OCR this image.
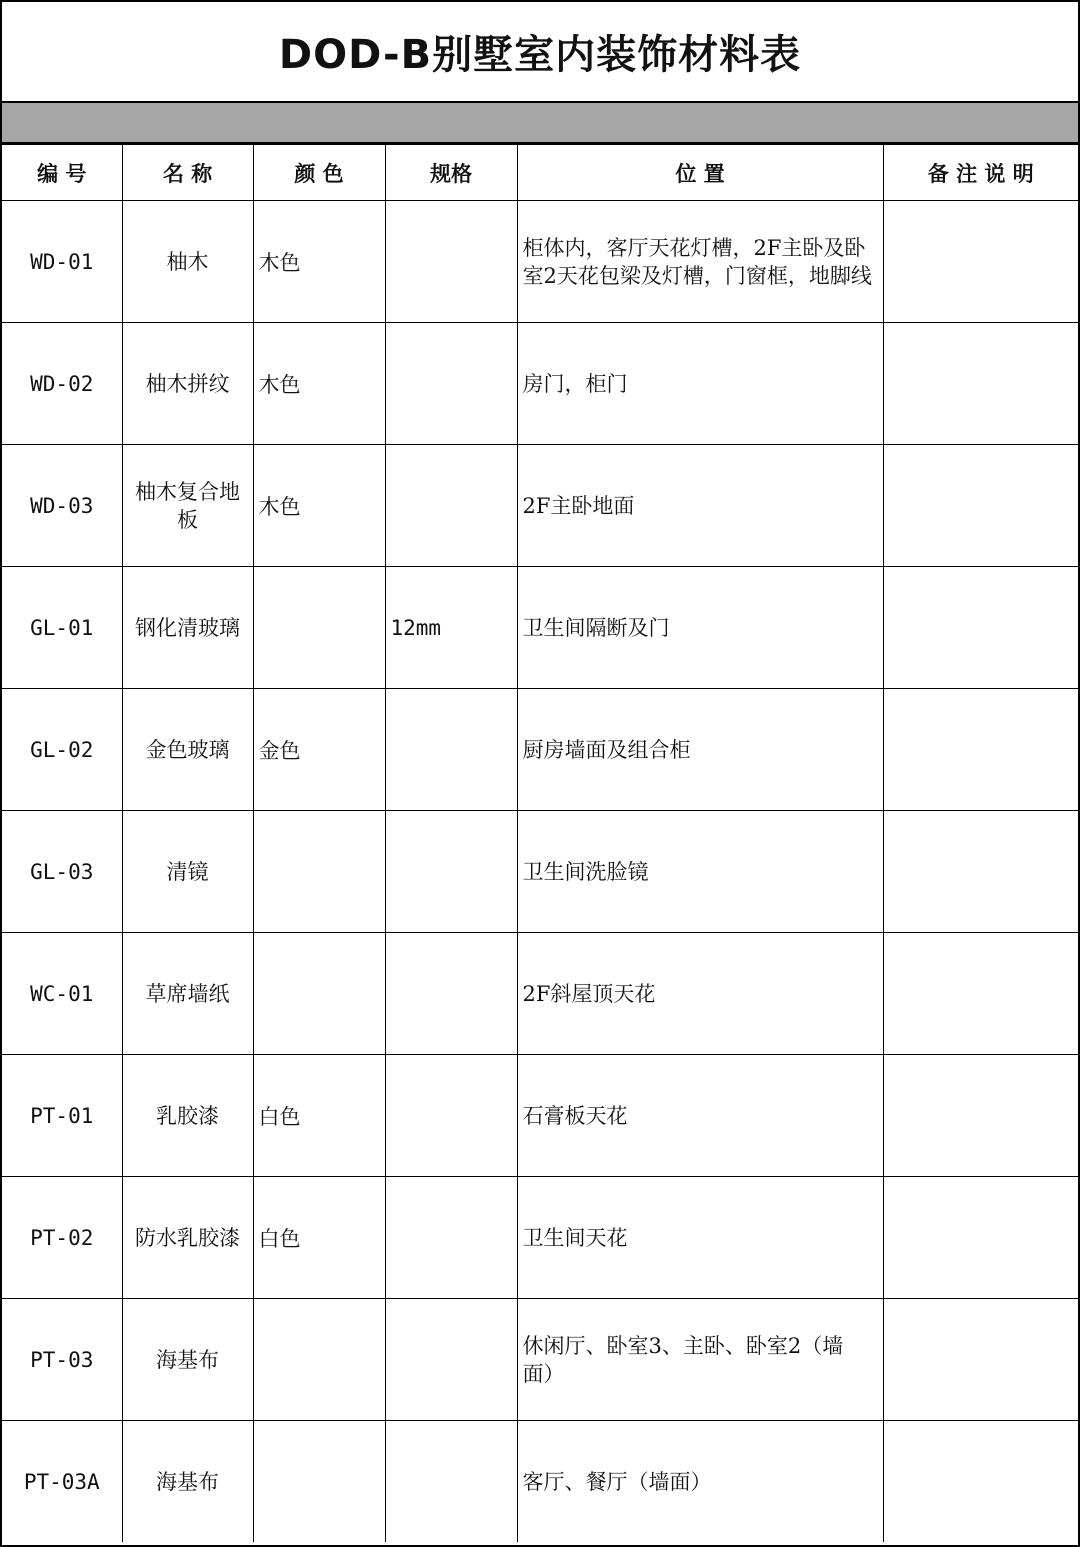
DOD-B别墅室内装饰材料表
编 号	名 称	颜 色	规格	位 置	备 注 说 明
WD-01	柚木	木色		柜体内，客厅天花灯槽，2F主卧及卧室2天花包梁及灯槽，门窗框，地脚线	
WD-02	柚木拼纹	木色		房门，柜门	
WD-03	柚木复合地板	木色		2F主卧地面	
GL-01	钢化清玻璃		12mm	卫生间隔断及门	
GL-02	金色玻璃	金色		厨房墙面及组合柜	
GL-03	清镜			卫生间洗脸镜	
WC-01	草席墙纸			2F斜屋顶天花	
PT-01	乳胶漆	白色		石膏板天花	
PT-02	防水乳胶漆	白色		卫生间天花	
PT-03	海基布			休闲厅、卧室3、主卧、卧室2（墙面）	
PT-03A	海基布			客厅、餐厅（墙面）	
